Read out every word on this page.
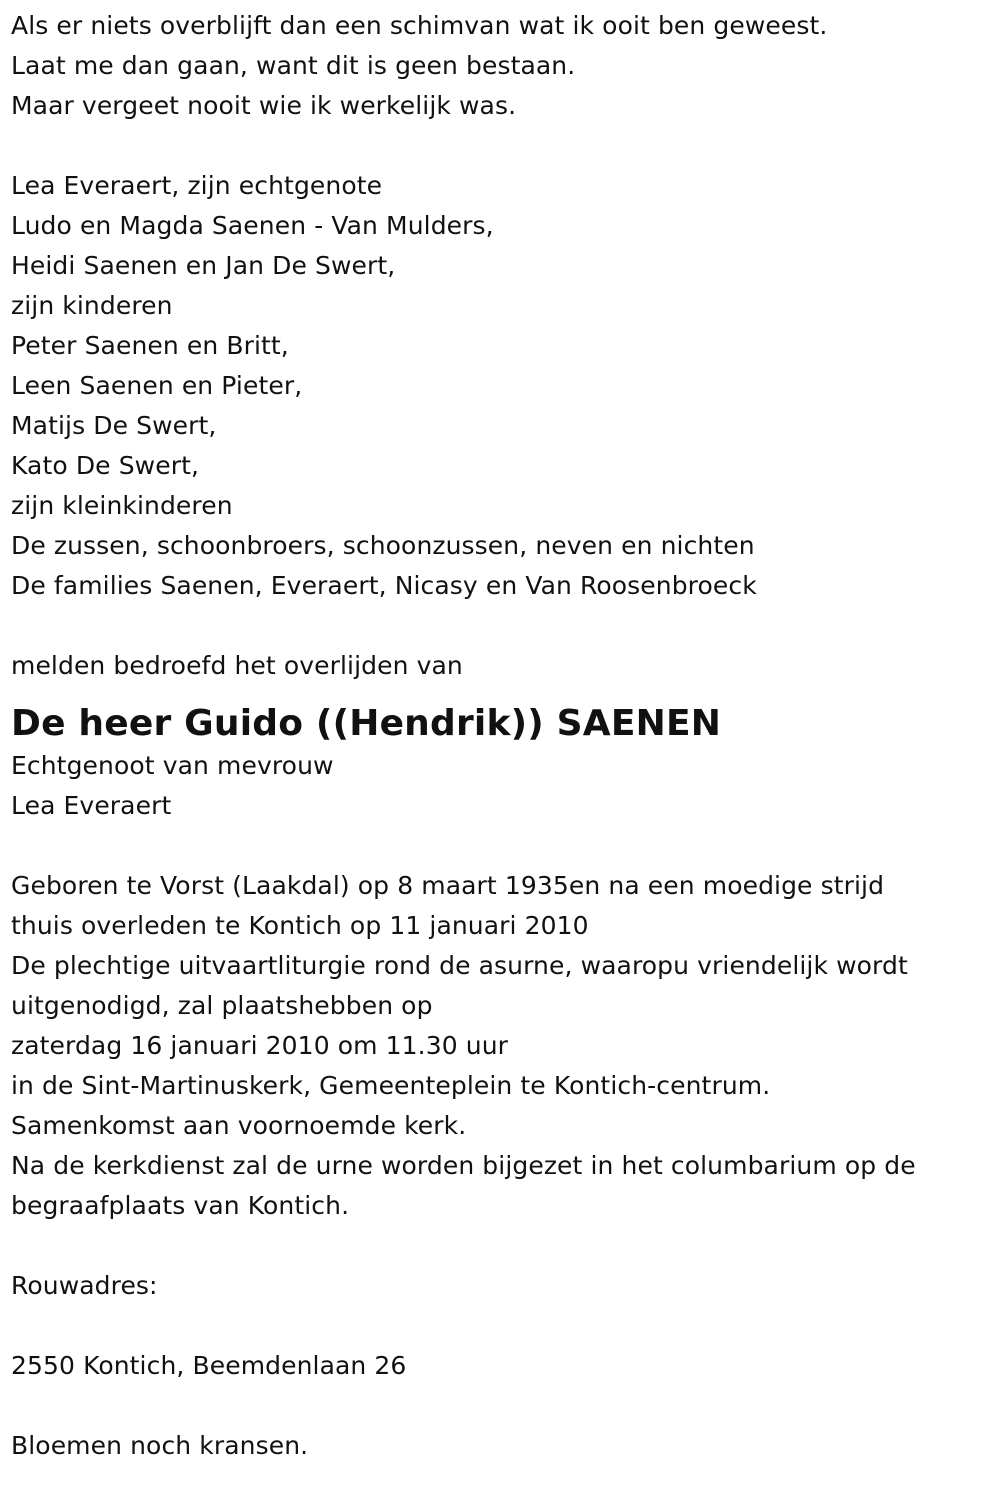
Als er niets overblijft dan een schimvan wat ik ooit ben geweest.
Laat me dan gaan, want dit is geen bestaan.
Maar vergeet nooit wie ik werkelijk was.
Lea Everaert, zijn echtgenote
Ludo en Magda Saenen - Van Mulders,
Heidi Saenen en Jan De Swert,
zijn kinderen
Peter Saenen en Britt,
Leen Saenen en Pieter,
Matijs De Swert,
Kato De Swert,
zijn kleinkinderen
De zussen, schoonbroers, schoonzussen, neven en nichten
De families Saenen, Everaert, Nicasy en Van Roosenbroeck
melden bedroefd het overlijden van
De heer Guido ((Hendrik)) SAENEN
Echtgenoot van mevrouw
Lea Everaert
Geboren te Vorst (Laakdal) op 8 maart 1935en na een moedige strijd
thuis overleden te Kontich op 11 januari 2010
De plechtige uitvaartliturgie rond de asurne, waaropu vriendelijk wordt
uitgenodigd, zal plaatshebben op
zaterdag 16 januari 2010 om 11.30 uur
in de Sint-Martinuskerk, Gemeenteplein te Kontich-centrum.
Samenkomst aan voornoemde kerk.
Na de kerkdienst zal de urne worden bijgezet in het columbarium op de
begraafplaats van Kontich.
Rouwadres:
2550 Kontich, Beemdenlaan 26
Bloemen noch kransen.
